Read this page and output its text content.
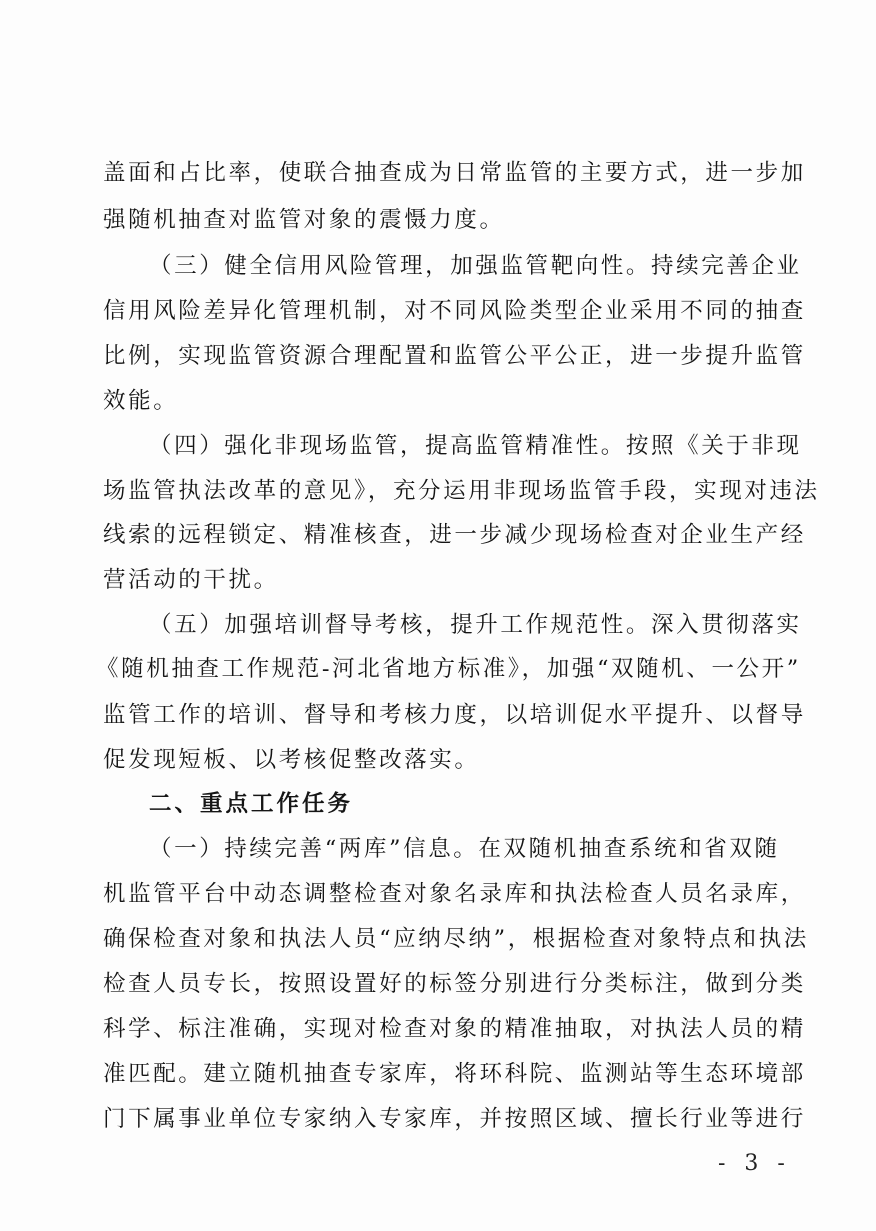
盖面和占比率，使联合抽查成为日常监管的主要方式，进一步加

强随机抽查对监管对象的震慑力度。

（三）健全信用风险管理，加强监管靶向性。持续完善企业

信用风险差异化管理机制，对不同风险类型企业采用不同的抽查

比例，实现监管资源合理配置和监管公平公正，进一步提升监管

效能。

（四）强化非现场监管，提高监管精准性。按照《关于非现

场监管执法改革的意见》，充分运用非现场监管手段，实现对违法

线索的远程锁定、精准核查，进一步减少现场检查对企业生产经

营活动的干扰。

（五）加强培训督导考核，提升工作规范性。深入贯彻落实

《随机抽查工作规范-河北省地方标准》，加强“双随机、一公开”

监管工作的培训、督导和考核力度，以培训促水平提升、以督导

促发现短板、以考核促整改落实。

二、重点工作任务

（一）持续完善“两库”信息。在双随机抽查系统和省双随

机监管平台中动态调整检查对象名录库和执法检查人员名录库，

确保检查对象和执法人员“应纳尽纳”，根据检查对象特点和执法

检查人员专长，按照设置好的标签分别进行分类标注，做到分类

科学、标注准确，实现对检查对象的精准抽取，对执法人员的精

准匹配。建立随机抽查专家库，将环科院、监测站等生态环境部

门下属事业单位专家纳入专家库，并按照区域、擅长行业等进行

- 3 -
